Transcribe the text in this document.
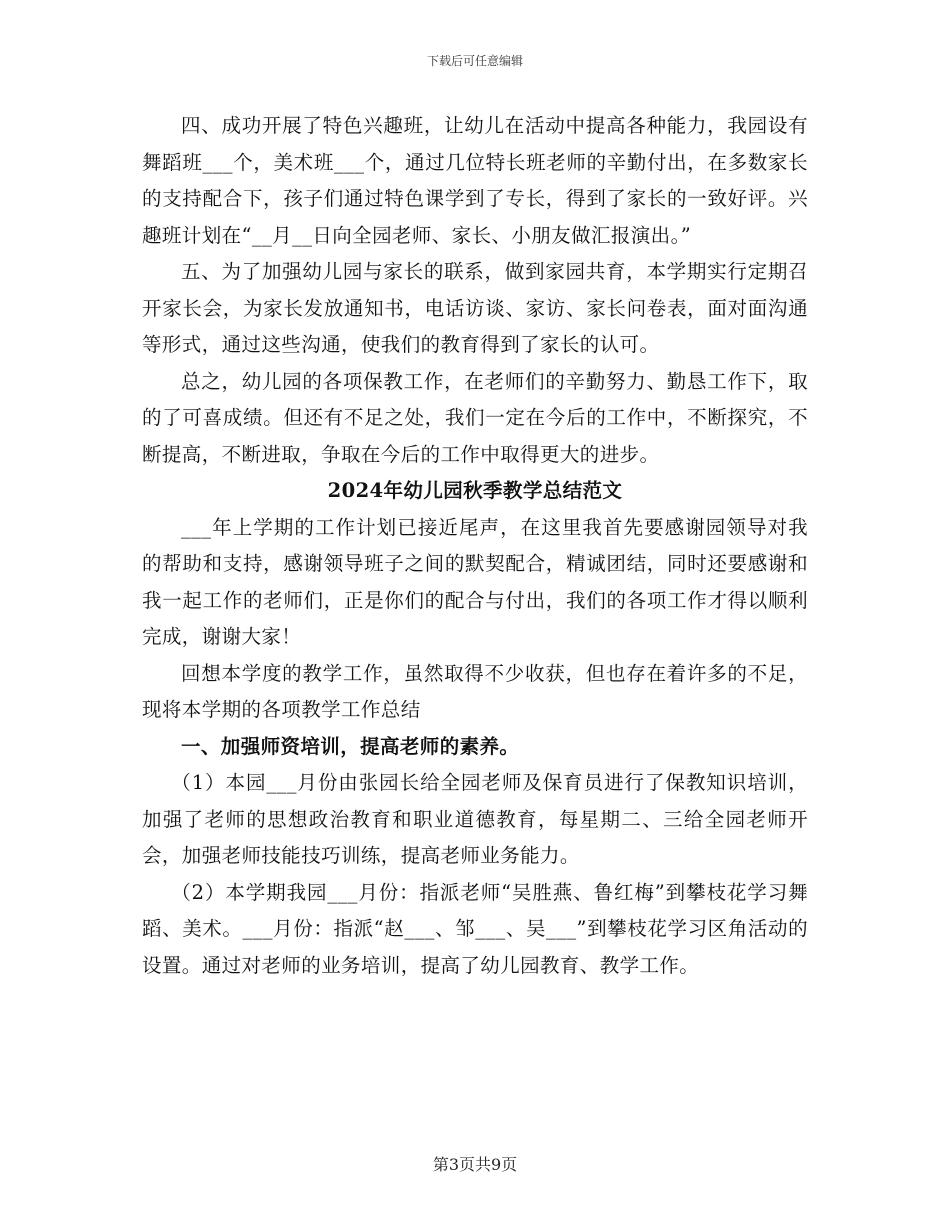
下载后可任意编辑

四、成功开展了特色兴趣班，让幼儿在活动中提高各种能力，我园设有舞蹈班___个，美术班___个，通过几位特长班老师的辛勤付出，在多数家长的支持配合下，孩子们通过特色课学到了专长，得到了家长的一致好评。兴趣班计划在“__月__日向全园老师、家长、小朋友做汇报演出。”

五、为了加强幼儿园与家长的联系，做到家园共育，本学期实行定期召开家长会，为家长发放通知书，电话访谈、家访、家长问卷表，面对面沟通等形式，通过这些沟通，使我们的教育得到了家长的认可。

总之，幼儿园的各项保教工作，在老师们的辛勤努力、勤恳工作下，取的了可喜成绩。但还有不足之处，我们一定在今后的工作中，不断探究，不断提高，不断进取，争取在今后的工作中取得更大的进步。

2024年幼儿园秋季教学总结范文

___年上学期的工作计划已接近尾声，在这里我首先要感谢园领导对我的帮助和支持，感谢领导班子之间的默契配合，精诚团结，同时还要感谢和我一起工作的老师们，正是你们的配合与付出，我们的各项工作才得以顺利完成，谢谢大家！

回想本学度的教学工作，虽然取得不少收获，但也存在着许多的不足，现将本学期的各项教学工作总结

一、加强师资培训，提高老师的素养。

（1）本园___月份由张园长给全园老师及保育员进行了保教知识培训，加强了老师的思想政治教育和职业道德教育，每星期二、三给全园老师开会，加强老师技能技巧训练，提高老师业务能力。

（2）本学期我园___月份：指派老师“吴胜燕、鲁红梅”到攀枝花学习舞蹈、美术。___月份：指派“赵___、邹___、吴___”到攀枝花学习区角活动的设置。通过对老师的业务培训，提高了幼儿园教育、教学工作。

第3页共9页
